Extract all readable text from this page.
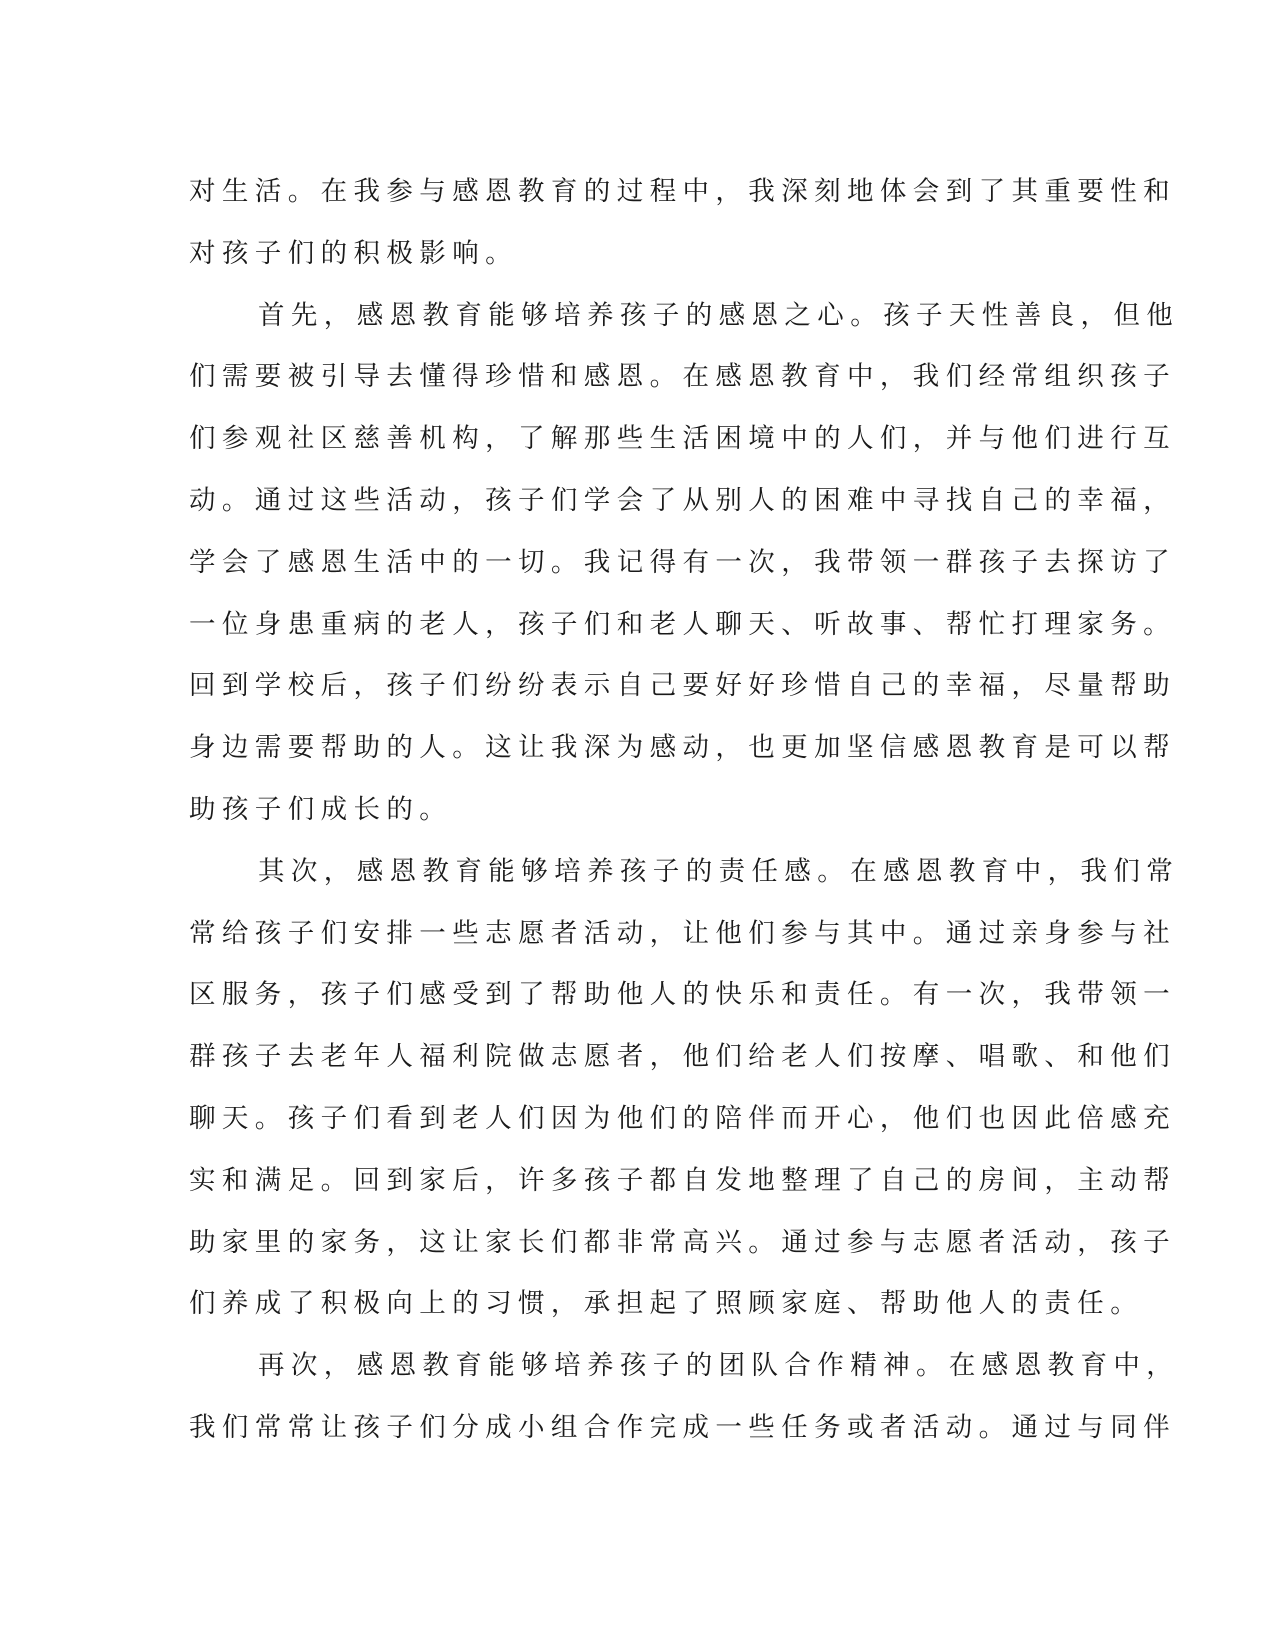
对生活。在我参与感恩教育的过程中，我深刻地体会到了其重要性和

对孩子们的积极影响。

首先，感恩教育能够培养孩子的感恩之心。孩子天性善良，但他

们需要被引导去懂得珍惜和感恩。在感恩教育中，我们经常组织孩子

们参观社区慈善机构，了解那些生活困境中的人们，并与他们进行互

动。通过这些活动，孩子们学会了从别人的困难中寻找自己的幸福，

学会了感恩生活中的一切。我记得有一次，我带领一群孩子去探访了

一位身患重病的老人，孩子们和老人聊天、听故事、帮忙打理家务。

回到学校后，孩子们纷纷表示自己要好好珍惜自己的幸福，尽量帮助

身边需要帮助的人。这让我深为感动，也更加坚信感恩教育是可以帮

助孩子们成长的。

其次，感恩教育能够培养孩子的责任感。在感恩教育中，我们常

常给孩子们安排一些志愿者活动，让他们参与其中。通过亲身参与社

区服务，孩子们感受到了帮助他人的快乐和责任。有一次，我带领一

群孩子去老年人福利院做志愿者，他们给老人们按摩、唱歌、和他们

聊天。孩子们看到老人们因为他们的陪伴而开心，他们也因此倍感充

实和满足。回到家后，许多孩子都自发地整理了自己的房间，主动帮

助家里的家务，这让家长们都非常高兴。通过参与志愿者活动，孩子

们养成了积极向上的习惯，承担起了照顾家庭、帮助他人的责任。

再次，感恩教育能够培养孩子的团队合作精神。在感恩教育中，

我们常常让孩子们分成小组合作完成一些任务或者活动。通过与同伴
